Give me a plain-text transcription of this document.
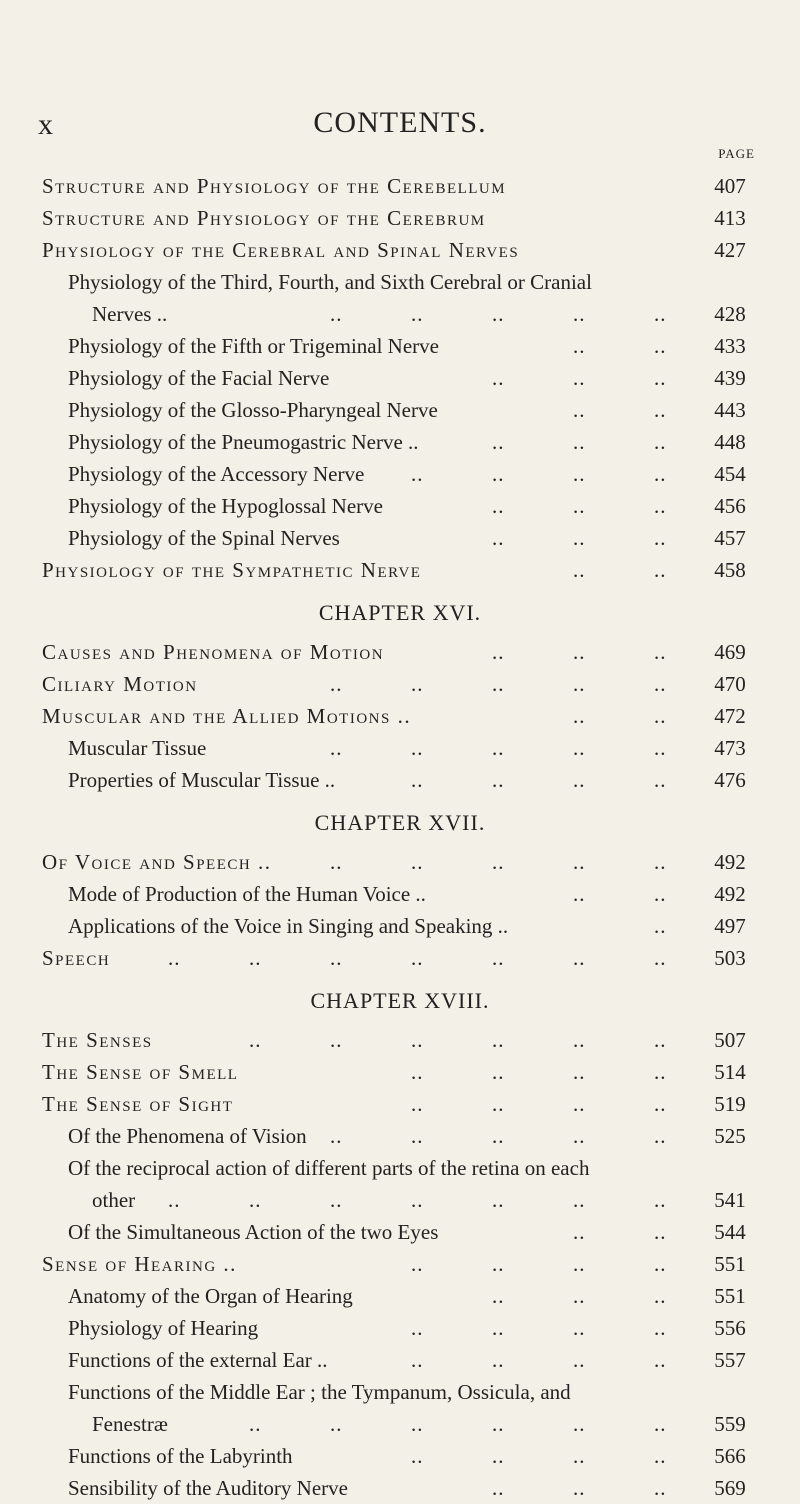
x	CONTENTS.
PAGE
Structure and Physiology of the Cerebellum	407
Structure and Physiology of the Cerebrum	413
Physiology of the Cerebral and Spinal Nerves	427
Physiology of the Third, Fourth, and Sixth Cerebral or Cranial
Nerves ..	..	..	..	..	..	428
Physiology of the Fifth or Trigeminal Nerve	..	..	433
Physiology of the Facial Nerve	..	..	..	439
Physiology of the Glosso-Pharyngeal Nerve	..	..	443
Physiology of the Pneumogastric Nerve ..	..	..	..	448
Physiology of the Accessory Nerve ..	..	..	..	454
Physiology of the Hypoglossal Nerve	..	..	..	456
Physiology of the Spinal Nerves	..	..	..	457
Physiology of the Sympathetic Nerve	..	..	458
CHAPTER XVI.
Causes and Phenomena of Motion	..	..	..	469
Ciliary Motion	..	..	..	..	..	470
Muscular and the Allied Motions ..	..	..	472
Muscular Tissue	..	..	..	..	..	473
Properties of Muscular Tissue ..	..	..	..	..	476
CHAPTER XVII.
Of Voice and Speech ..	..	..	..	..	..	492
Mode of Production of the Human Voice ..	..	..	492
Applications of the Voice in Singing and Speaking ..	..	497
Speech	..	..	..	..	..	..	..	503
CHAPTER XVIII.
The Senses	..	..	..	..	..	..	507
The Sense of Smell	..	..	..	..	514
The Sense of Sight	..	..	..	..	519
Of the Phenomena of Vision ..	..	..	..	..	525
Of the reciprocal action of different parts of the retina on each
other ..	..	..	..	..	..	..	541
Of the Simultaneous Action of the two Eyes	..	..	544
Sense of Hearing ..	..	..	..	..	551
Anatomy of the Organ of Hearing	..	..	..	551
Physiology of Hearing	..	..	..	..	556
Functions of the external Ear ..	..	..	..	..	557
Functions of the Middle Ear ; the Tympanum, Ossicula, and
Fenestræ	..	..	..	..	..	..	559
Functions of the Labyrinth	..	..	..	..	566
Sensibility of the Auditory Nerve	..	..	..	569
